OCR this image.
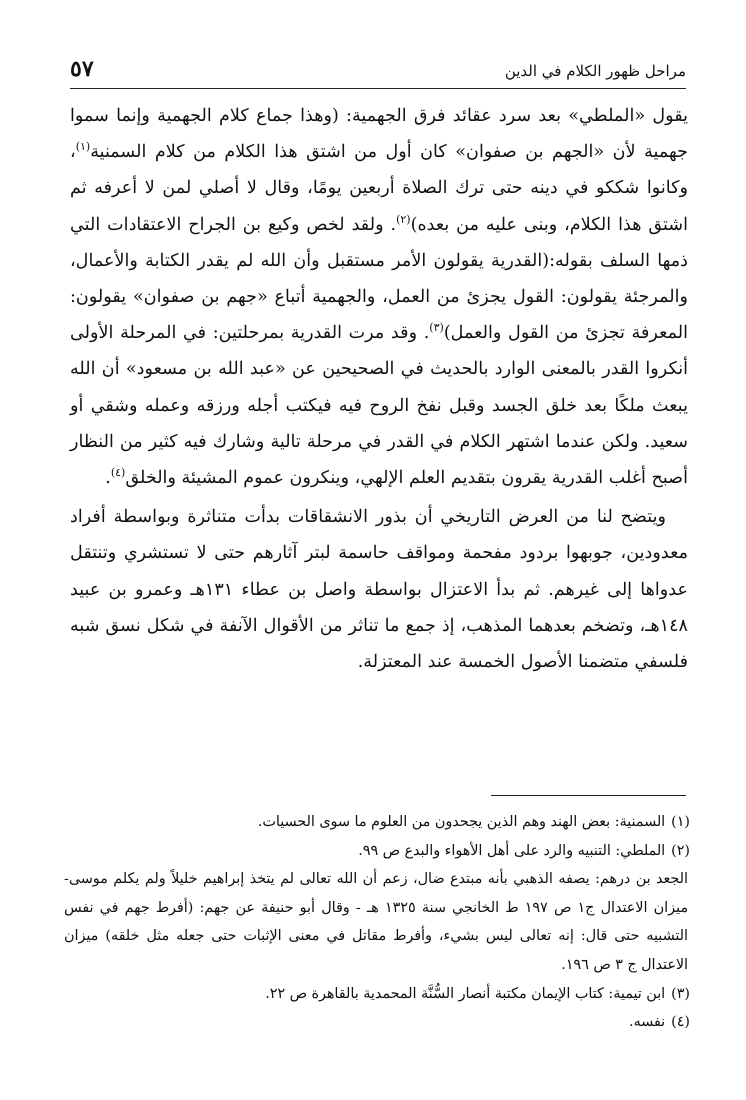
مراحل ظهور الكلام في الدين
٥٧

يقول «الملطي» بعد سرد عقائد فرق الجهمية: (وهذا جماع كلام الجهمية وإنما سموا جهمية لأن «الجهم بن صفوان» كان أول من اشتق هذا الكلام من كلام السمنية$^{(١)}$، وكانوا شككو في دينه حتى ترك الصلاة أربعين يومًا، وقال لا أصلي لمن لا أعرفه ثم اشتق هذا الكلام، وبنى عليه من بعده)$^{(٢)}$. ولقد لخص وكيع بن الجراح الاعتقادات التي ذمها السلف بقوله:(القدرية يقولون الأمر مستقبل وأن الله لم يقدر الكتابة والأعمال، والمرجئة يقولون: القول يجزئ من العمل، والجهمية أتباع «جهم بن صفوان» يقولون: المعرفة تجزئ من القول والعمل)$^{(٣)}$. وقد مرت القدرية بمرحلتين: في المرحلة الأولى أنكروا القدر بالمعنى الوارد بالحديث في الصحيحين عن «عبد الله بن مسعود» أن الله يبعث ملكًا بعد خلق الجسد وقبل نفخ الروح فيه فيكتب أجله ورزقه وعمله وشقي أو سعيد. ولكن عندما اشتهر الكلام في القدر في مرحلة تالية وشارك فيه كثير من النظار أصبح أغلب القدرية يقرون بتقديم العلم الإلهي، وينكرون عموم المشيئة والخلق$^{(٤)}$.

ويتضح لنا من العرض التاريخي أن بذور الانشقاقات بدأت متناثرة وبواسطة أفراد معدودين، جوبهوا بردود مفحمة ومواقف حاسمة لبتر آثارهم حتى لا تستشري وتنتقل عدواها إلى غيرهم. ثم بدأ الاعتزال بواسطة واصل بن عطاء ١٣١هـ وعمرو بن عبيد ١٤٨هـ، وتضخم بعدهما المذهب، إذ جمع ما تناثر من الأقوال الآنفة في شكل نسق شبه فلسفي متضمنا الأصول الخمسة عند المعتزلة.

(١)السمنية: بعض الهند وهم الذين يجحدون من العلوم ما سوى الحسيات.

(٢)الملطي: التنبيه والرد على أهل الأهواء والبدع ص ٩٩.

الجعد بن درهم: يصفه الذهبي بأنه مبتدع ضال، زعم أن الله تعالى لم يتخذ إبراهيم خليلاً ولم يكلم موسى- ميزان الاعتدال ج١ ص ١٩٧ ط الخانجي سنة ١٣٢٥ هـ - وقال أبو حنيفة عن جهم: (أفرط جهم في نفس التشبيه حتى قال: إنه تعالى ليس بشيء، وأفرط مقاتل في معنى الإثبات حتى جعله مثل خلقه) ميزان الاعتدال ج ٣ ص ١٩٦.

(٣)ابن تيمية: كتاب الإيمان مكتبة أنصار السُّنَّة المحمدية بالقاهرة ص ٢٢.

(٤)نفسه.
